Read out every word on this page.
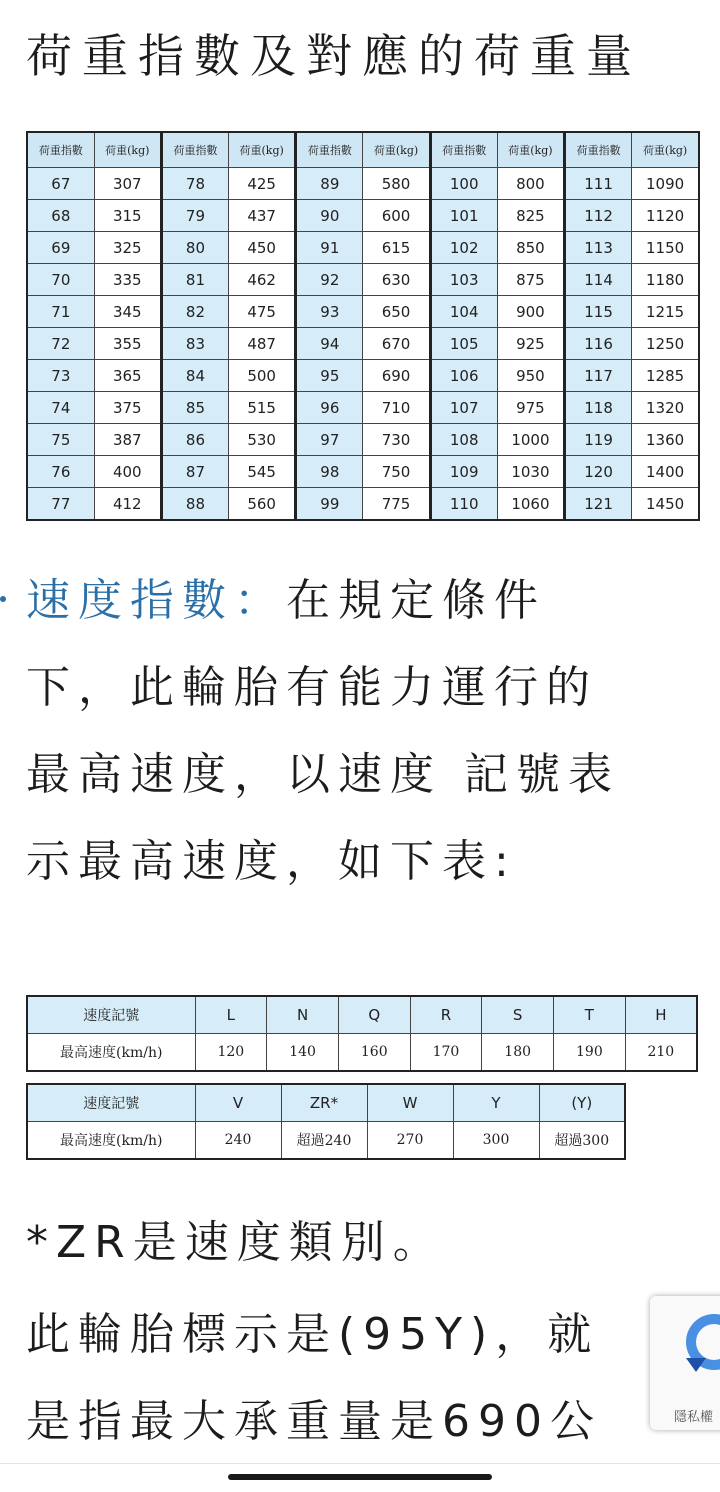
荷重指數及對應的荷重量
荷重指數	荷重(kg)	荷重指數	荷重(kg)	荷重指數	荷重(kg)	荷重指數	荷重(kg)	荷重指數	荷重(kg)
67	307	78	425	89	580	100	800	111	1090
68	315	79	437	90	600	101	825	112	1120
69	325	80	450	91	615	102	850	113	1150
70	335	81	462	92	630	103	875	114	1180
71	345	82	475	93	650	104	900	115	1215
72	355	83	487	94	670	105	925	116	1250
73	365	84	500	95	690	106	950	117	1285
74	375	85	515	96	710	107	975	118	1320
75	387	86	530	97	730	108	1000	119	1360
76	400	87	545	98	750	109	1030	120	1400
77	412	88	560	99	775	110	1060	121	1450
速度指數：在規定條件
下，此輪胎有能力運行的
最高速度，以速度 記號表
示最高速度，如下表:
速度記號	L	N	Q	R	S	T	H
最高速度(km/h)	120	140	160	170	180	190	210
速度記號	V	ZR*	W	Y	(Y)
最高速度(km/h)	240	超過240	270	300	超過300
*ZR是速度類別。
此輪胎標示是(95Y)，就
是指最大承重量是690公	隱私權
